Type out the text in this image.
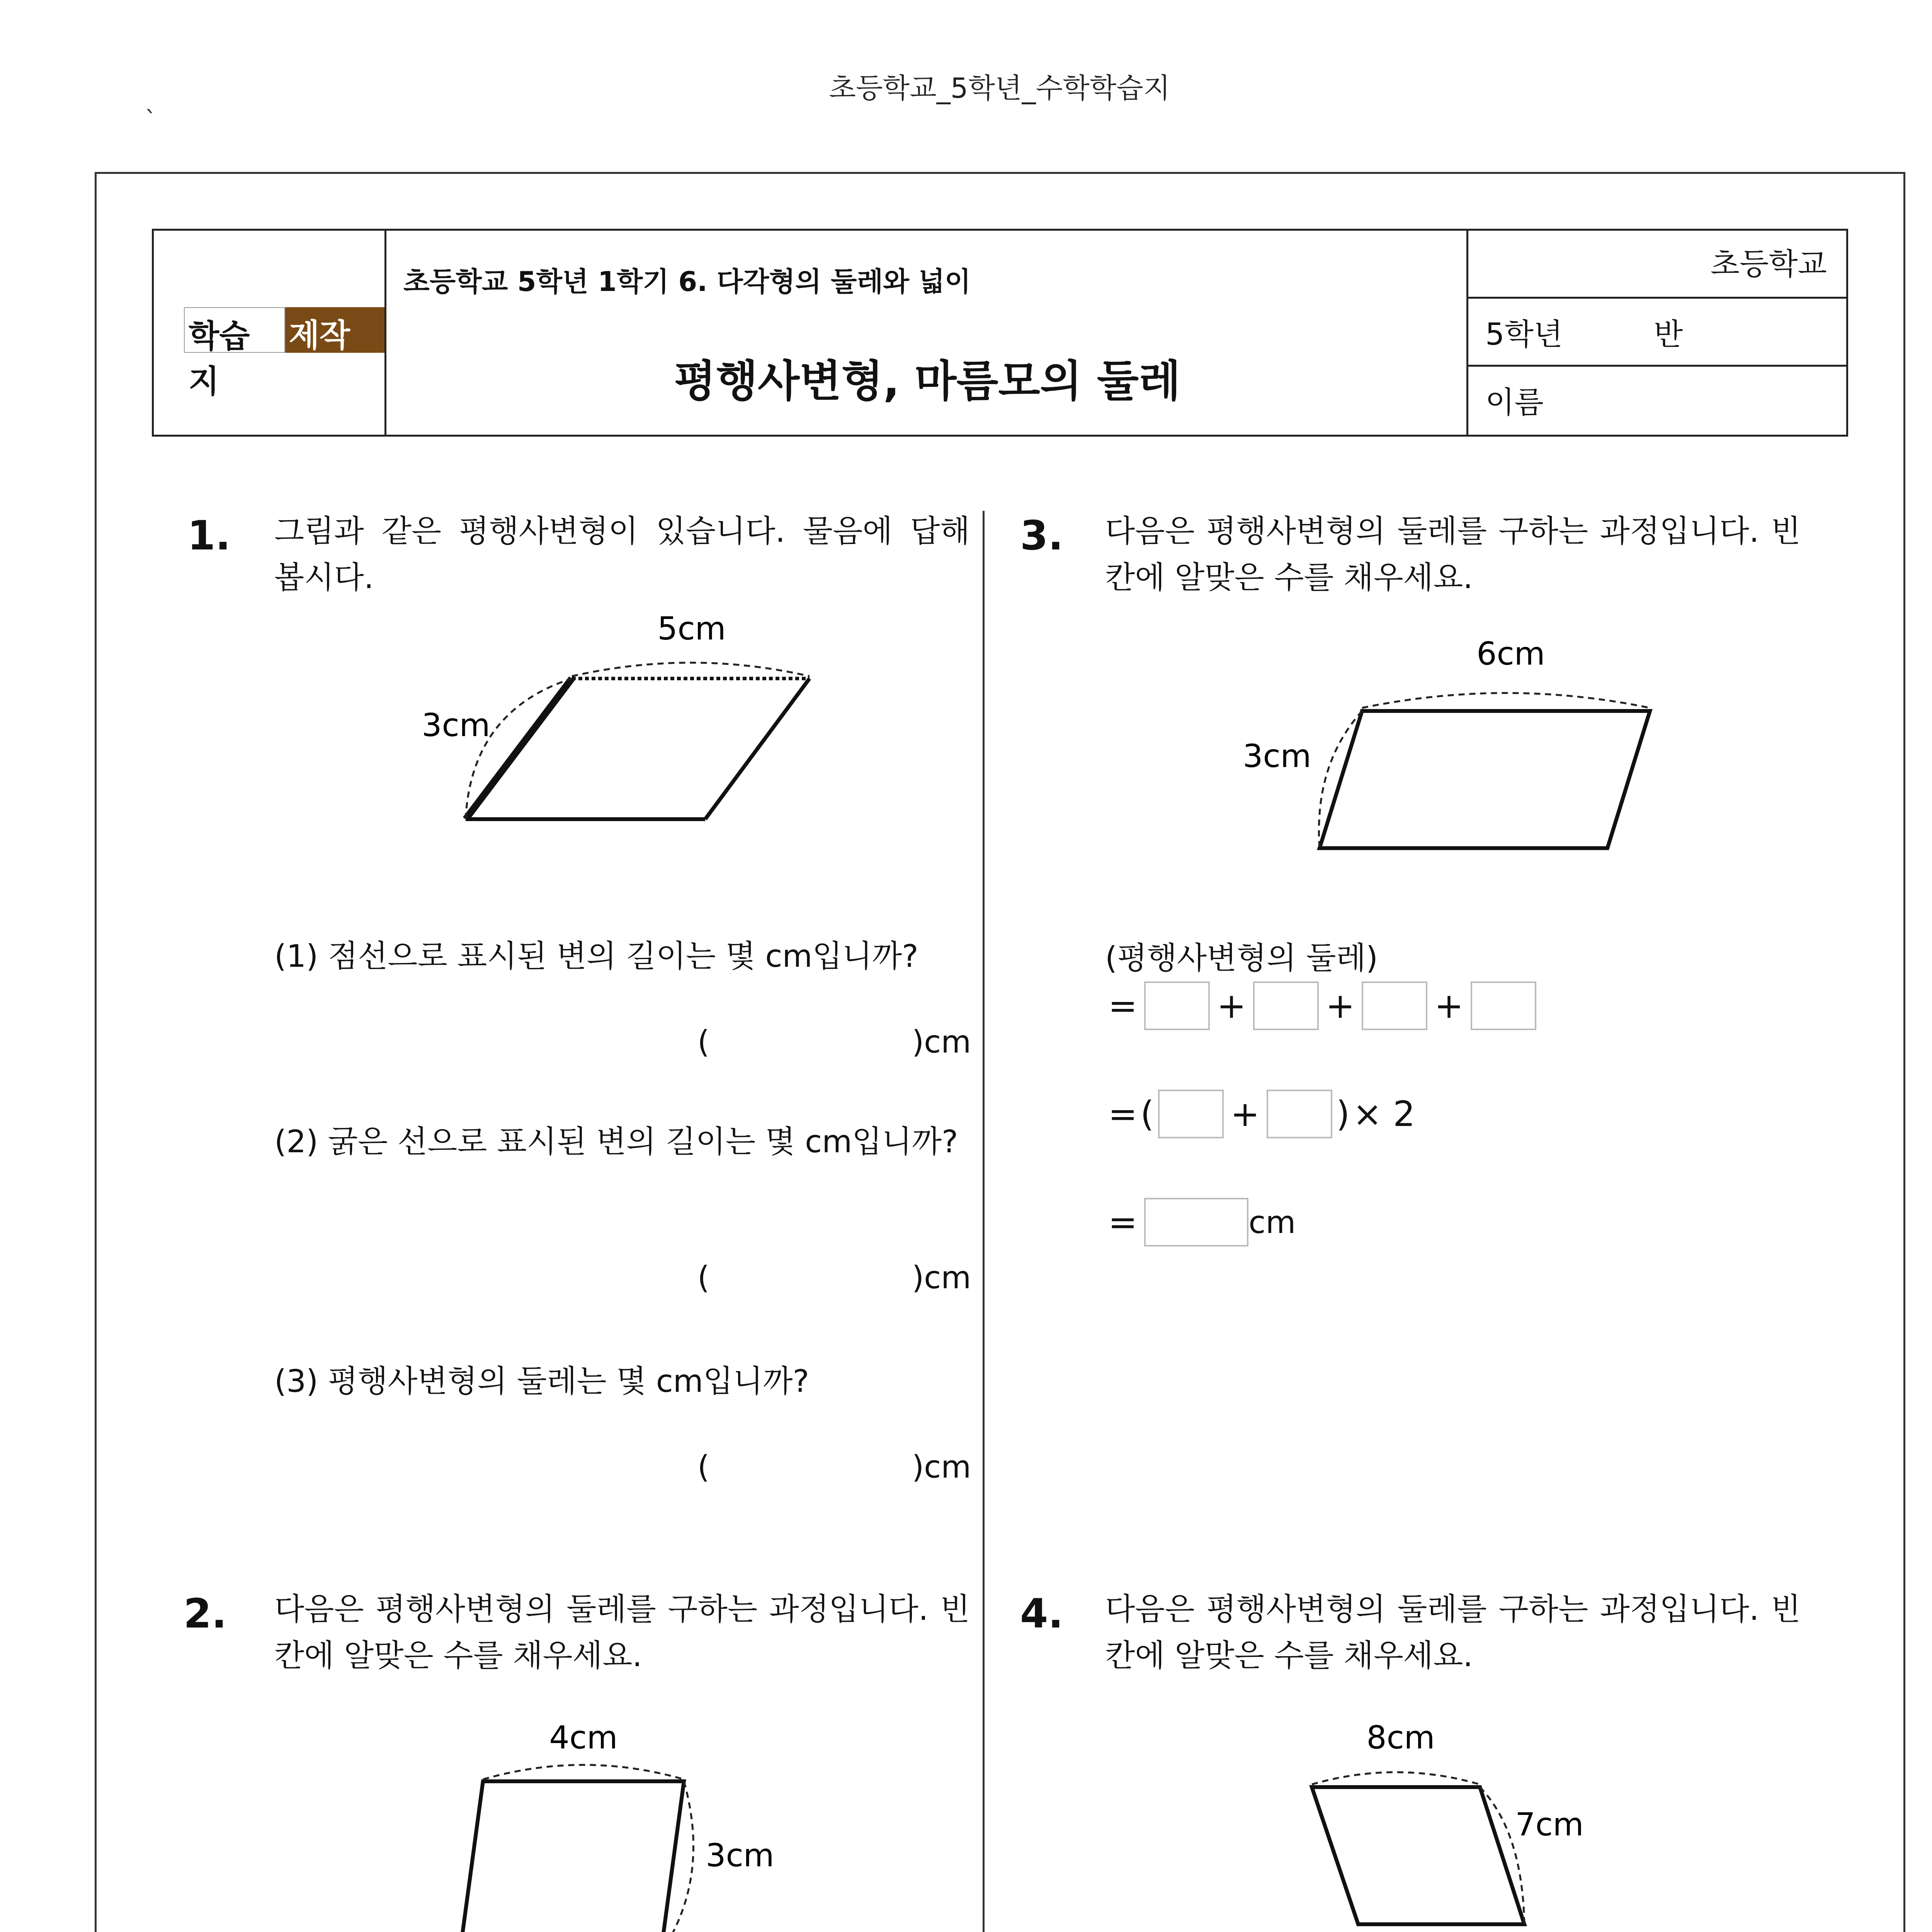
초등학교_5학년_수학학습지
`
학습지
제작소
초등학교 5학년 1학기 6. 다각형의 둘레와 넓이
평행사변형, 마름모의 둘레
초등학교
5학년	반
이름
1. 그림과 같은 평행사변형이 있습니다. 물음에 답해 봅시다.
5cm
3cm
(1) 점선으로 표시된 변의 길이는 몇 cm입니까?
(	)cm
(2) 굵은 선으로 표시된 변의 길이는 몇 cm입니까?
(	)cm
(3) 평행사변형의 둘레는 몇 cm입니까?
(	)cm
2. 다음은 평행사변형의 둘레를 구하는 과정입니다. 빈칸에 알맞은 수를 채우세요.
4cm
3cm
3. 다음은 평행사변형의 둘레를 구하는 과정입니다. 빈칸에 알맞은 수를 채우세요.
6cm
3cm
(평행사변형의 둘레)
= + + +
= ( + ) × 2
=	cm
4. 다음은 평행사변형의 둘레를 구하는 과정입니다. 빈칸에 알맞은 수를 채우세요.
8cm
7cm
